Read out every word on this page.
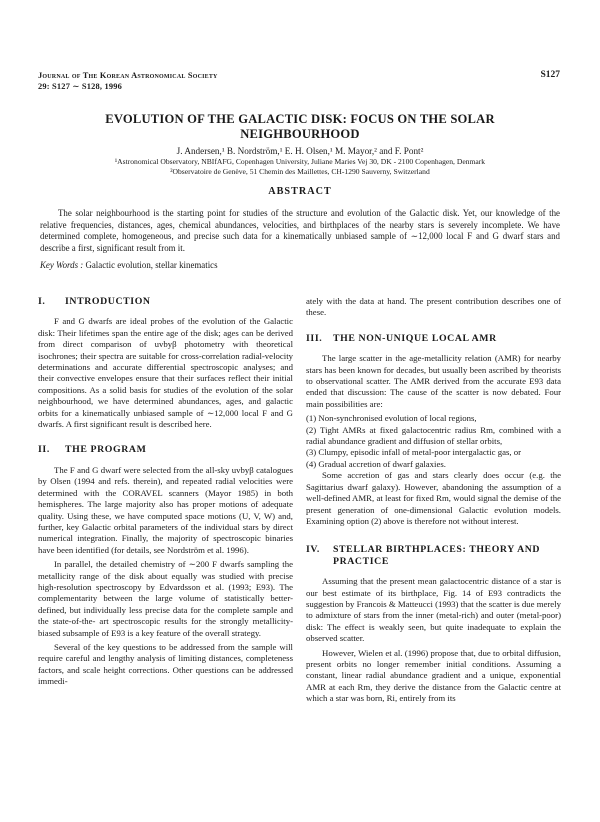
Journal of The Korean Astronomical Society
29: S127 ∼ S128, 1996
S127
EVOLUTION OF THE GALACTIC DISK: FOCUS ON THE SOLAR
NEIGHBOURHOOD
J. Andersen,¹ B. Nordström,¹ E. H. Olsen,¹ M. Mayor,² and F. Pont²
¹Astronomical Observatory, NBIfAFG, Copenhagen University, Juliane Maries Vej 30, DK - 2100 Copenhagen, Denmark
²Observatoire de Genève, 51 Chemin des Maillettes, CH-1290 Sauverny, Switzerland
ABSTRACT

The solar neighbourhood is the starting point for studies of the structure and evolution of the Galactic disk. Yet, our knowledge of the relative frequencies, distances, ages, chemical abundances, velocities, and birthplaces of the nearby stars is severely incomplete. We have determined complete, homogeneous, and precise such data for a kinematically unbiased sample of ∼12,000 local F and G dwarf stars and describe a first, significant result from it.

Key Words : Galactic evolution, stellar kinematics
I.	INTRODUCTION

F and G dwarfs are ideal probes of the evolution of the Galactic disk: Their lifetimes span the entire age of the disk; ages can be derived from direct comparison of uvbyβ photometry with theoretical isochrones; their spectra are suitable for cross-correlation radial-velocity determinations and accurate differential spectroscopic analyses; and their convective envelopes ensure that their surfaces reflect their initial compositions. As a solid basis for studies of the evolution of the solar neighbourhood, we have determined abundances, ages, and galactic orbits for a kinematically unbiased sample of ∼12,000 local F and G dwarfs. A first significant result is described here.

II.	THE PROGRAM

The F and G dwarf were selected from the all-sky uvbyβ catalogues by Olsen (1994 and refs. therein), and repeated radial velocities were determined with the CORAVEL scanners (Mayor 1985) in both hemispheres. The large majority also has proper motions of adequate quality. Using these, we have computed space motions (U, V, W) and, further, key Galactic orbital parameters of the individual stars by direct numerical integration. Finally, the majority of spectroscopic binaries have been identified (for details, see Nordström et al. 1996).

In parallel, the detailed chemistry of ∼200 F dwarfs sampling the metallicity range of the disk about equally was studied with precise high-resolution spectroscopy by Edvardsson et al. (1993; E93). The complementarity between the large volume of statistically better-defined, but individually less precise data for the complete sample and the state-of-the- art spectroscopic results for the strongly metallicity-biased subsample of E93 is a key feature of the overall strategy.

Several of the key questions to be addressed from the sample will require careful and lengthy analysis of limiting distances, completeness factors, and scale height corrections. Other questions can be addressed immedi-

ately with the data at hand. The present contribution describes one of these.

III.	THE NON-UNIQUE LOCAL AMR

The large scatter in the age-metallicity relation (AMR) for nearby stars has been known for decades, but usually been ascribed by theorists to observational scatter. The AMR derived from the accurate E93 data ended that discussion: The cause of the scatter is now debated. Four main possibilities are:

(1) Non-synchronised evolution of local regions,

(2) Tight AMRs at fixed galactocentric radius Rm, combined with a radial abundance gradient and diffusion of stellar orbits,

(3) Clumpy, episodic infall of metal-poor intergalactic gas, or

(4) Gradual accretion of dwarf galaxies.

Some accretion of gas and stars clearly does occur (e.g. the Sagittarius dwarf galaxy). However, abandoning the assumption of a well-defined AMR, at least for fixed Rm, would signal the demise of the present generation of one-dimensional Galactic evolution models. Examining option (2) above is therefore not without interest.

IV.	STELLAR BIRTHPLACES: THEORY AND PRACTICE

Assuming that the present mean galactocentric distance of a star is our best estimate of its birthplace, Fig. 14 of E93 contradicts the suggestion by Francois & Matteucci (1993) that the scatter is due merely to admixture of stars from the inner (metal-rich) and outer (metal-poor) disk: The effect is weakly seen, but quite inadequate to explain the observed scatter.

However, Wielen et al. (1996) propose that, due to orbital diffusion, present orbits no longer remember initial conditions. Assuming a constant, linear radial abundance gradient and a unique, exponential AMR at each Rm, they derive the distance from the Galactic centre at which a star was born, Ri, entirely from its
